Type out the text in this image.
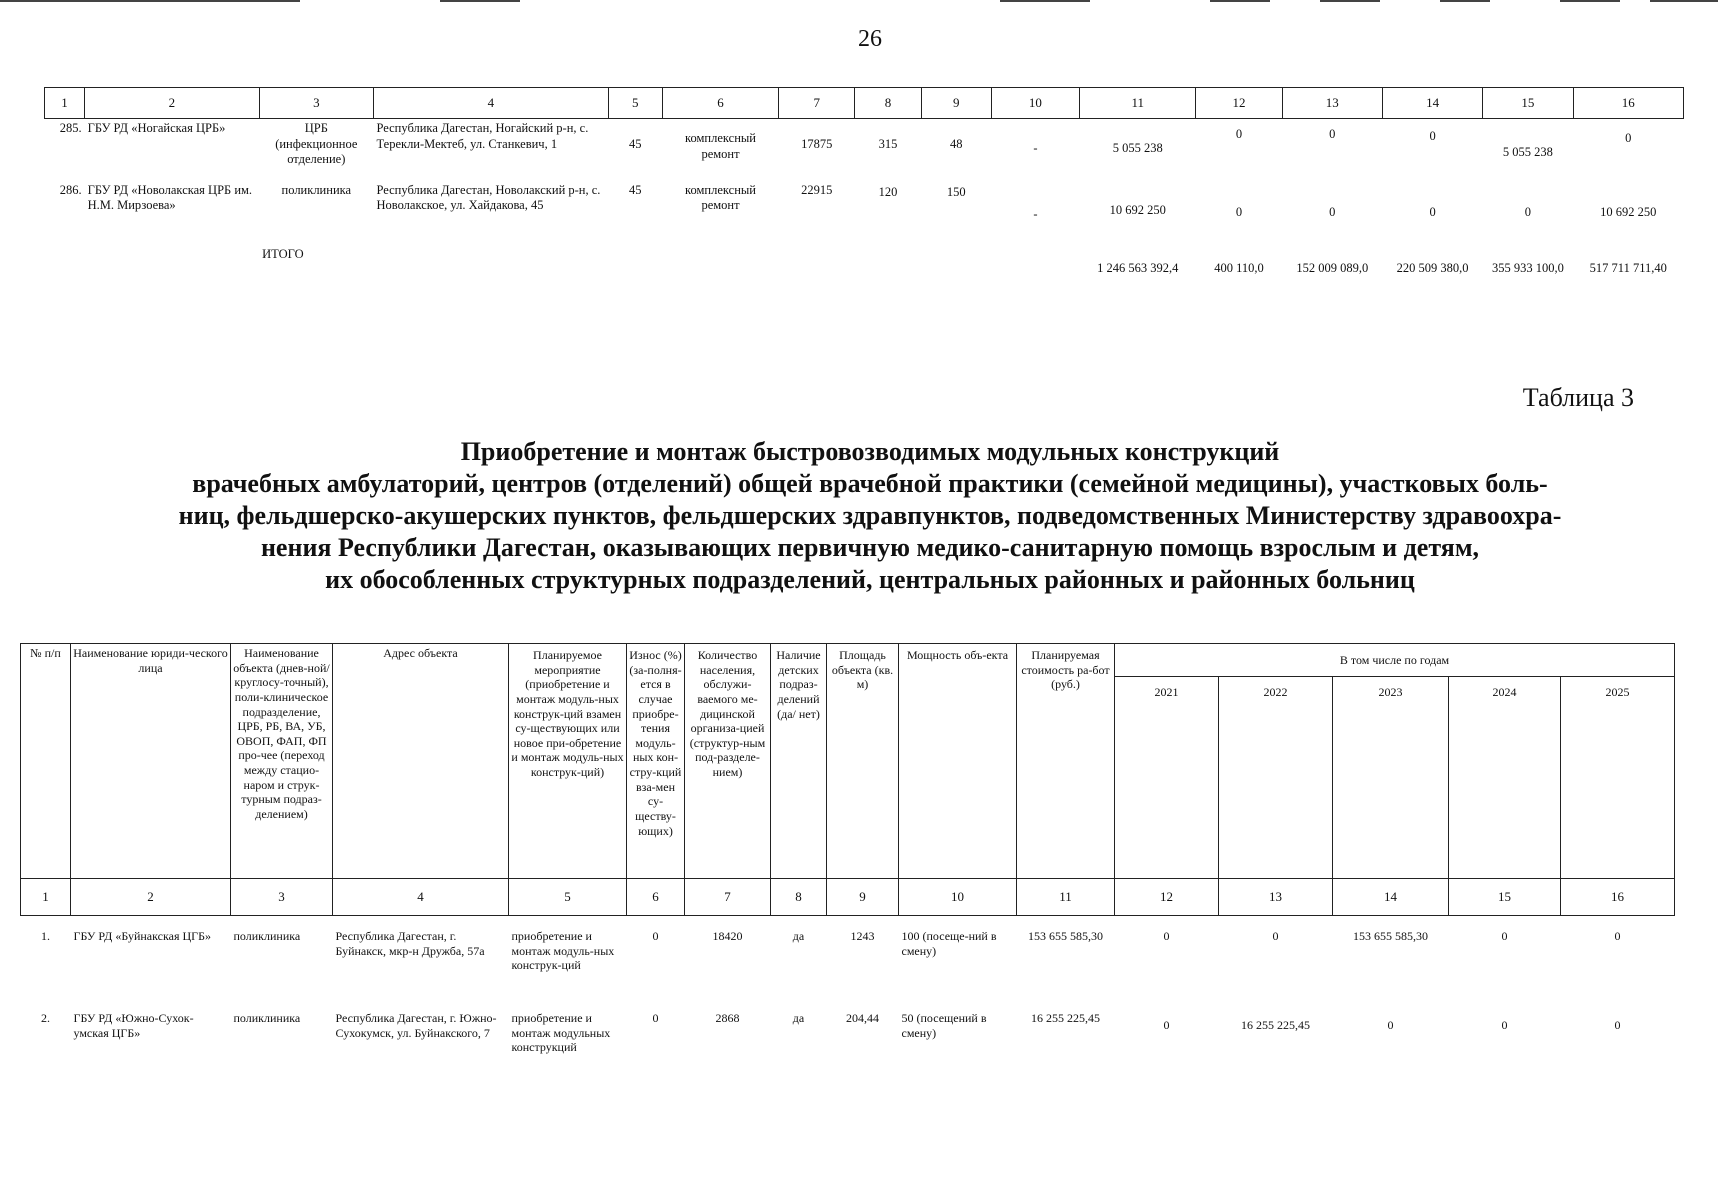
26
1	2	3	4	5	6	7	8	9	10	11	12	13	14	15	16
285.	ГБУ РД «Ногайская ЦРБ»	ЦРБ (инфекционное отделение)	Республика Дагестан, Ногайский р-н, с. Терекли-Мектеб, ул. Станкевич, 1	45	комплексный ремонт	17875	315	48	-	5 055 238	0	0	0	5 055 238	0
286.	ГБУ РД «Новолакская ЦРБ им. Н.М. Мирзоева»	поликлиника	Республика Дагестан, Новолакский р-н, с. Новолакское, ул. Хайдакова, 45	45	комплексный ремонт	22915	120	150	-	10 692 250	0	0	0	0	10 692 250
		ИТОГО								1 246 563 392,4	400 110,0	152 009 089,0	220 509 380,0	355 933 100,0	517 711 711,40
Таблица 3
Приобретение и монтаж быстровозводимых модульных конструкций
врачебных амбулаторий, центров (отделений) общей врачебной практики (семейной медицины), участковых боль-
ниц, фельдшерско-акушерских пунктов, фельдшерских здравпунктов, подведомственных Министерству здравоохра-
нения Республики Дагестан, оказывающих первичную медико-санитарную помощь взрослым и детям,
их обособленных структурных подразделений, центральных районных и районных больниц
№ п/п	Наименование юриди-ческого лица	Наименование объекта (днев-ной/круглосу-точный), поли-клиническое подразделение, ЦРБ, РБ, ВА, УБ, ОВОП, ФАП, ФП про-чее (переход между стацио-наром и струк-турным подраз-делением)	Адрес объекта	Планируемое мероприятие (приобретение и монтаж модуль-ных конструк-ций взамен су-ществующих или новое при-обретение и монтаж модуль-ных конструк-ций)	Износ (%) (за-полня-ется в случае приобре-тения модуль-ных кон-стру-кций вза-мен су-ществу-ющих)	Количество населения, обслужи-ваемого ме-дицинской организа-цией (структур-ным под-разделе-нием)	Наличие детских подраз-делений (да/ нет)	Площадь объекта (кв. м)	Мощность объ-екта	Планируемая стоимость ра-бот (руб.)	В том числе по годам				
											2021	2022	2023	2024	2025
1	2	3	4	5	6	7	8	9	10	11	12	13	14	15	16

1.	ГБУ РД «Буйнакская ЦГБ»	поликлиника	Республика Дагестан, г. Буйнакск, мкр-н Дружба, 57а	приобретение и монтаж модуль-ных конструк-ций	0	18420	да	1243	100 (посеще-ний в смену)	153 655 585,30	0	0	153 655 585,30	0	0
2.	ГБУ РД «Южно-Сухок-умская ЦГБ»	поликлиника	Республика Дагестан, г. Южно-Сухокумск, ул. Буйнакского, 7	приобретение и монтаж модульных конструкций	0	2868	да	204,44	50 (посещений в смену)	16 255 225,45	0	16 255 225,45	0	0	0
